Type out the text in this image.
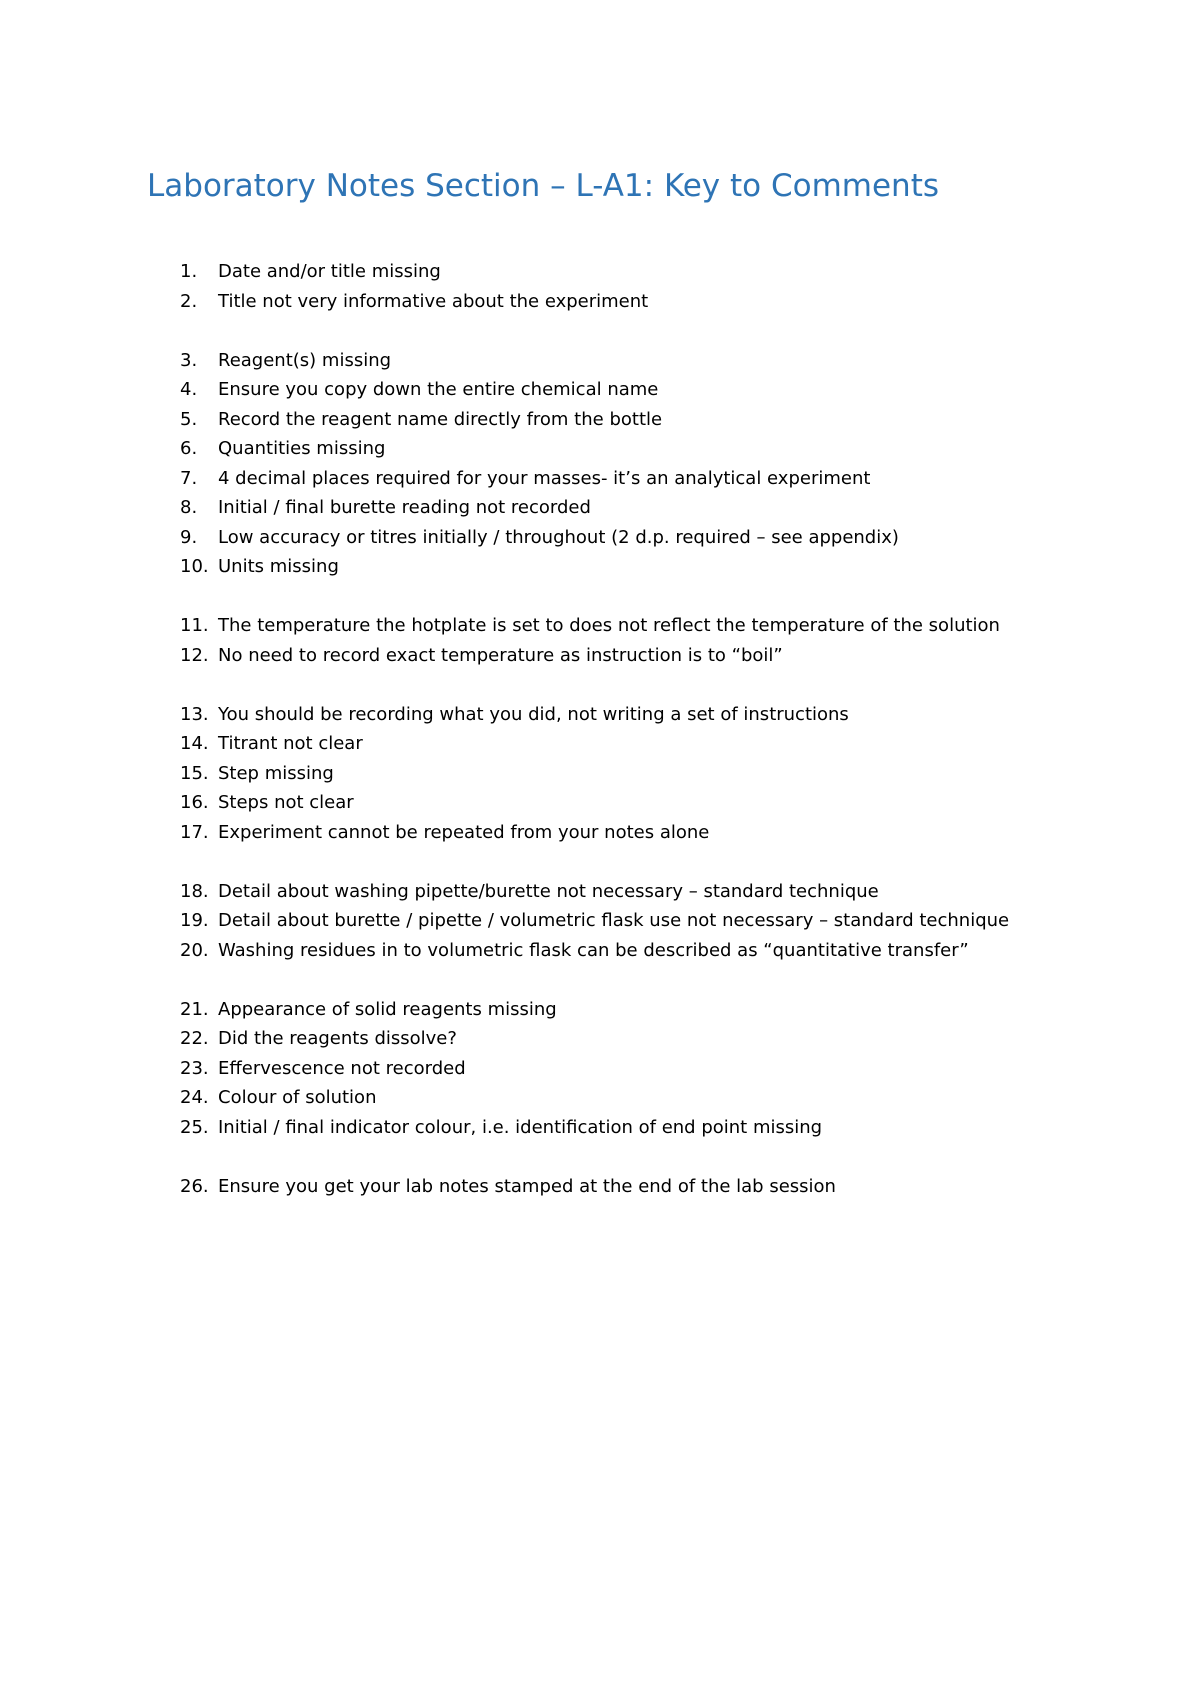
Laboratory Notes Section – L-A1: Key to Comments
1. Date and/or title missing
2. Title not very informative about the experiment
3. Reagent(s) missing
4. Ensure you copy down the entire chemical name
5. Record the reagent name directly from the bottle
6. Quantities missing
7. 4 decimal places required for your masses- it’s an analytical experiment
8. Initial / final burette reading not recorded
9. Low accuracy or titres initially / throughout (2 d.p. required – see appendix)
10. Units missing
11. The temperature the hotplate is set to does not reflect the temperature of the solution
12. No need to record exact temperature as instruction is to “boil”
13. You should be recording what you did, not writing a set of instructions
14. Titrant not clear
15. Step missing
16. Steps not clear
17. Experiment cannot be repeated from your notes alone
18. Detail about washing pipette/burette not necessary – standard technique
19. Detail about burette / pipette / volumetric flask use not necessary – standard technique
20. Washing residues in to volumetric flask can be described as “quantitative transfer”
21. Appearance of solid reagents missing
22. Did the reagents dissolve?
23. Effervescence not recorded
24. Colour of solution
25. Initial / final indicator colour, i.e. identification of end point missing
26. Ensure you get your lab notes stamped at the end of the lab session
